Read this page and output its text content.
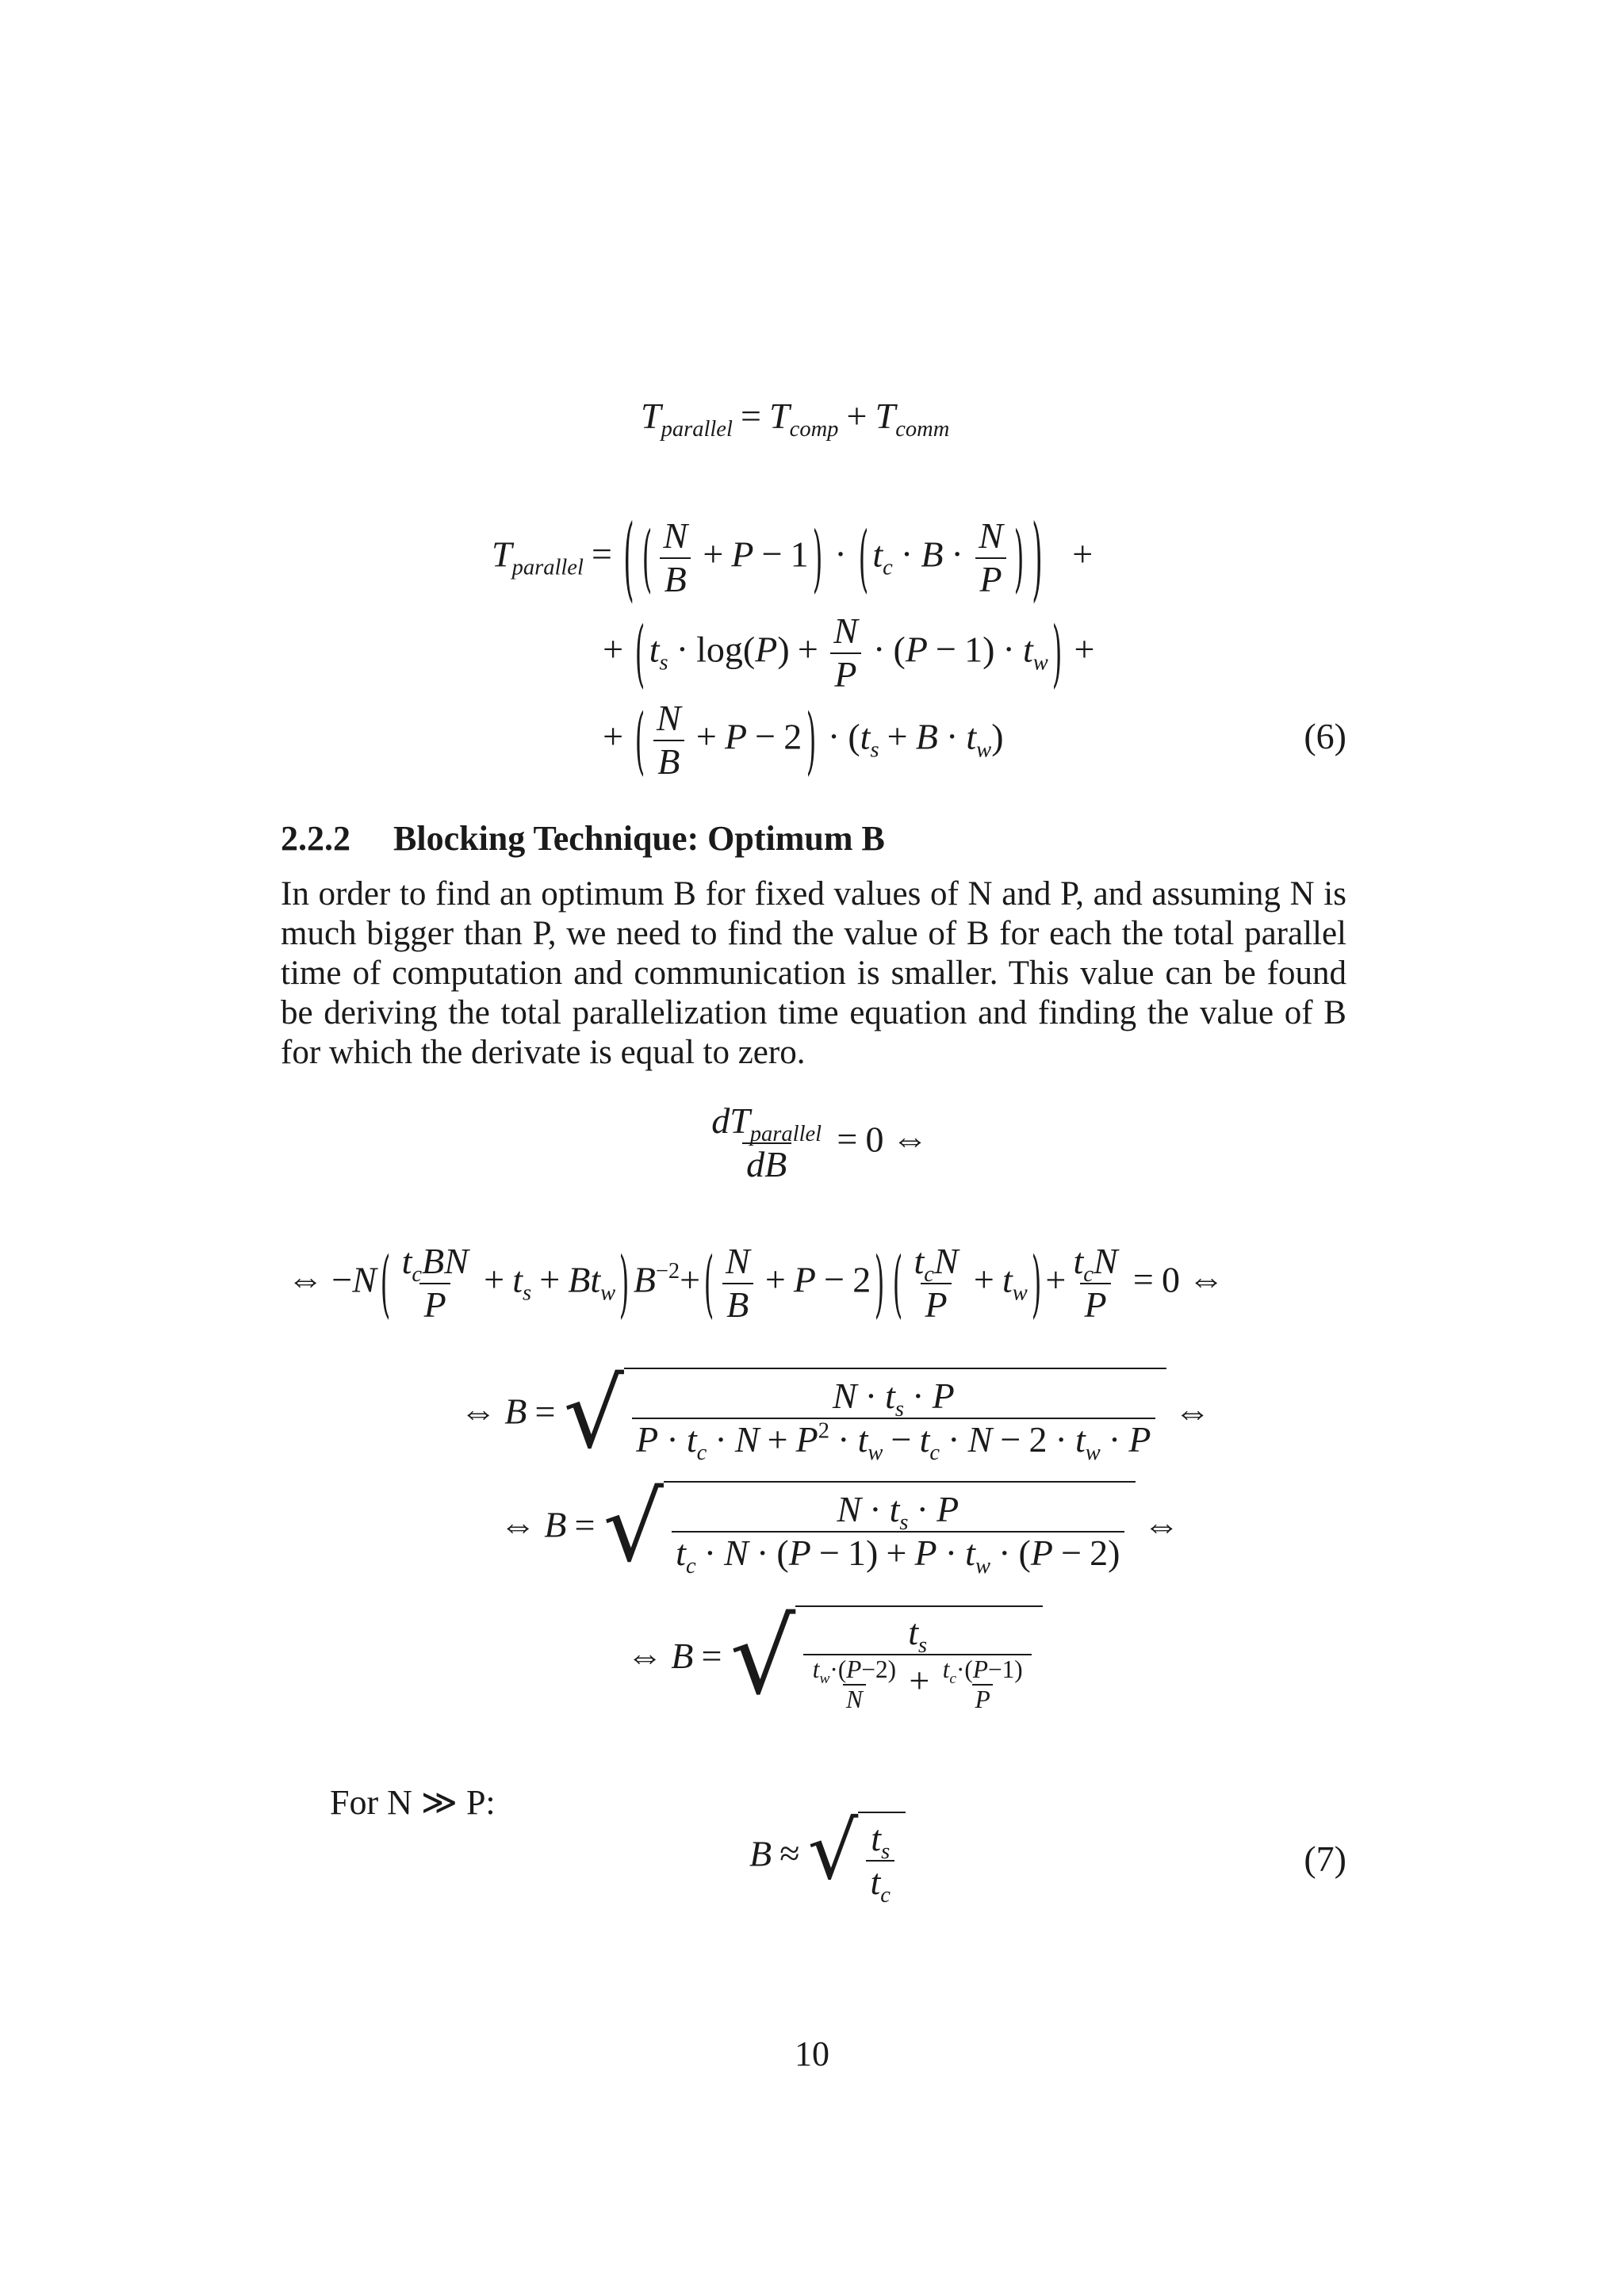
$T_{parallel} = T_{comp} + T_{comm}$
$T_{parallel}$ = ( ( $\frac{N}{B} + P - 1$ ) · ( $t_c \cdot B \cdot \frac{N}{P}$ ) ) +
+ ( $t_s \cdot \log(P) + \frac{N}{P} \cdot (P - 1) \cdot t_w$ ) +
+ ( $\frac{N}{B} + P - 2$ ) · $(t_s + B \cdot t_w)$	(6)
2.2.2 Blocking Technique: Optimum B

In order to find an optimum B for fixed values of N and P, and assuming N is much bigger than P, we need to find the value of B for each the total parallel time of computation and communication is smaller. This value can be found be deriving the total parallelization time equation and finding the value of B for which the derivate is equal to zero.

$\frac{dT_{parallel}}{dB} = 0$ ⇔
⇔ −N ( $\frac{t_cBN}{P} + t_s + Bt_w$ ) $B^{-2}+$ ( $\frac{N}{B} + P - 2$ ) ( $\frac{t_cN}{P} + t_w$ ) + $\frac{t_cN}{P} = 0$ ⇔
⇔ B = √ $\frac{N \cdot t_s \cdot P}{P \cdot t_c \cdot N + P^2 \cdot t_w - t_c \cdot N - 2 \cdot t_w \cdot P}$ ⇔
⇔ B = √ $\frac{N \cdot t_s \cdot P}{t_c \cdot N \cdot (P - 1) + P \cdot t_w \cdot (P - 2)}$ ⇔
⇔ B = √ $\frac{t_s}{\frac{t_w\cdot(P-2)}{N} + \frac{t_c\cdot(P-1)}{P}}$
For N ≫ P:
B ≈ √ $\frac{t_s}{t_c}$	(7)
10
